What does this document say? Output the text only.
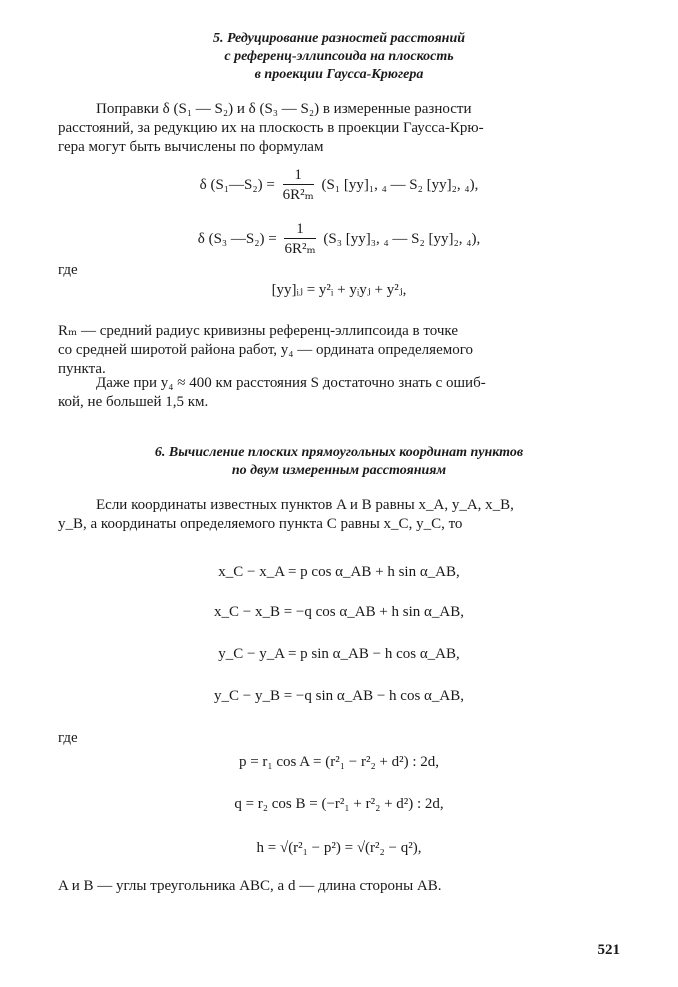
5. Редуцирование разностей расстояний
с референц-эллипсоида на плоскость
в проекции Гаусса-Крюгера
Поправки δ (S₁ — S₂) и δ (S₃ — S₂) в измеренные разности
расстояний, за редукцию их на плоскость в проекции Гаусса-Крю-
гера могут быть вычислены по формулам
δ (S₁—S₂) = $\frac{1}{\text{6R²ₘ}} (S_1$ [yy]₁, ₄ — S₂ [yy]₂, ₄),
δ (S₃ —S₂) = $\frac{1}{\text{6R²ₘ}} (S_3$ [yy]₃, ₄ — S₂ [yy]₂, ₄),
где
[yy]ᵢⱼ = y²ᵢ + yᵢyⱼ + y²ⱼ,
Rₘ — средний радиус кривизны референц-эллипсоида в точке
со средней широтой района работ, y₄ — ордината определяемого
пункта.
Даже при y₄ ≈ 400 км расстояния S достаточно знать с ошиб-
кой, не большей 1,5 км.
6. Вычисление плоских прямоугольных координат пунктов
по двум измеренным расстояниям
Если координаты известных пунктов A и B равны x_A, y_A, x_B,
y_B, а координаты определяемого пункта C равны x_C, y_C, то
x_C − x_A = p cos α_AB + h sin α_AB,
x_C − x_B = −q cos α_AB + h sin α_AB,
y_C − y_A = p sin α_AB − h cos α_AB,
y_C − y_B = −q sin α_AB − h cos α_AB,
где
p = r₁ cos A = (r²₁ − r²₂ + d²) : 2d,
q = r₂ cos B = (−r²₁ + r²₂ + d²) : 2d,
h = √(r²₁ − p²) = √(r²₂ − q²),
A и B — углы треугольника ABC, а d — длина стороны AB.
521
